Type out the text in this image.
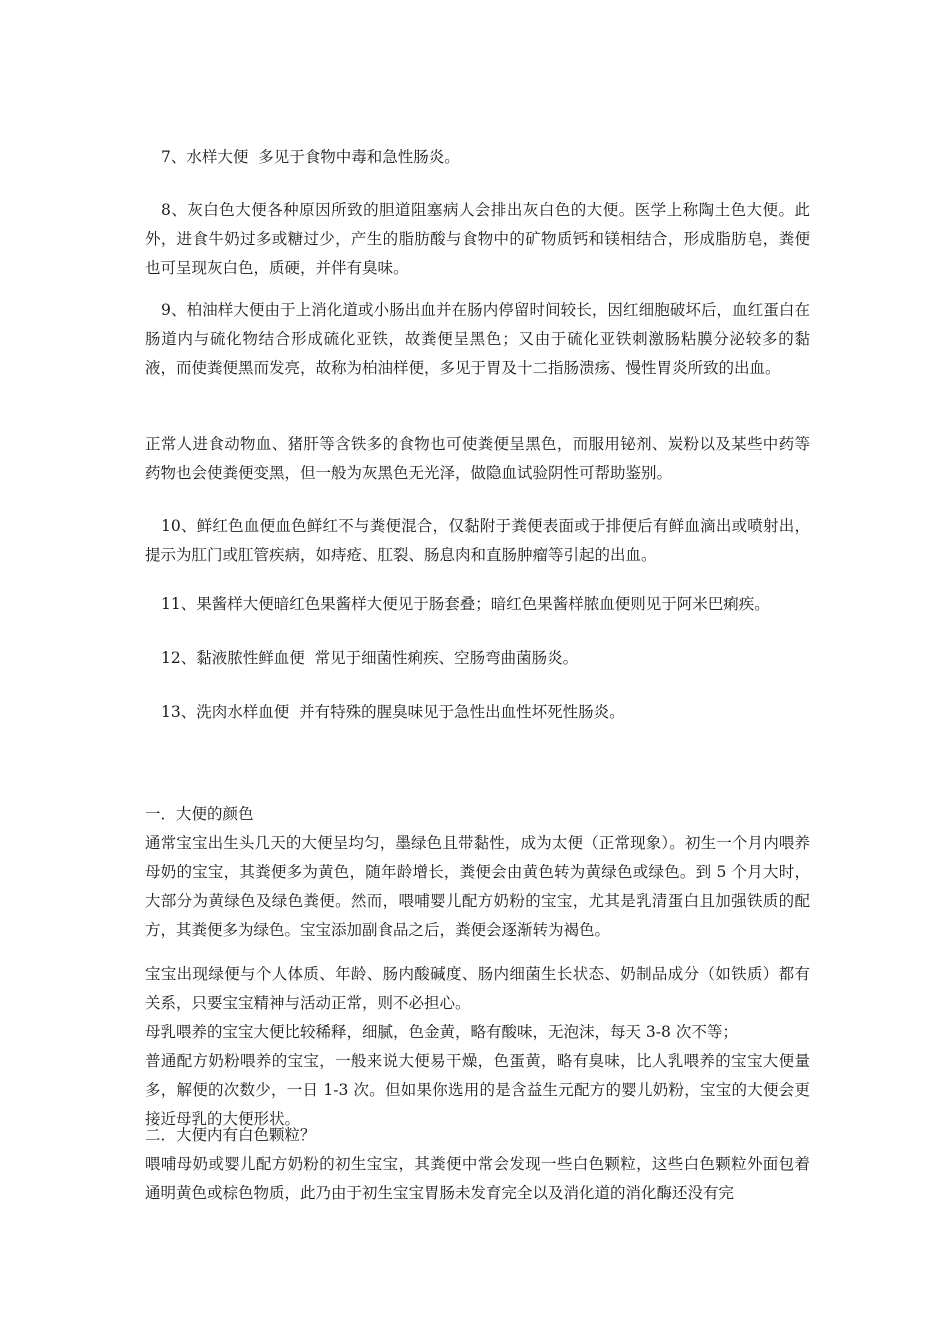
7、水样大便  多见于食物中毒和急性肠炎。

8、灰白色大便各种原因所致的胆道阻塞病人会排出灰白色的大便。医学上称陶土色大便。此外，进食牛奶过多或糖过少，产生的脂肪酸与食物中的矿物质钙和镁相结合，形成脂肪皂，粪便也可呈现灰白色，质硬，并伴有臭味。

9、柏油样大便由于上消化道或小肠出血并在肠内停留时间较长，因红细胞破坏后，血红蛋白在肠道内与硫化物结合形成硫化亚铁，故粪便呈黑色；又由于硫化亚铁刺激肠粘膜分泌较多的黏液，而使粪便黑而发亮，故称为柏油样便，多见于胃及十二指肠溃疡、慢性胃炎所致的出血。

正常人进食动物血、猪肝等含铁多的食物也可使粪便呈黑色，而服用铋剂、炭粉以及某些中药等药物也会使粪便变黑，但一般为灰黑色无光泽，做隐血试验阴性可帮助鉴别。

10、鲜红色血便血色鲜红不与粪便混合，仅黏附于粪便表面或于排便后有鲜血滴出或喷射出，提示为肛门或肛管疾病，如痔疮、肛裂、肠息肉和直肠肿瘤等引起的出血。

11、果酱样大便暗红色果酱样大便见于肠套叠；暗红色果酱样脓血便则见于阿米巴痢疾。

12、黏液脓性鲜血便  常见于细菌性痢疾、空肠弯曲菌肠炎。

13、洗肉水样血便  并有特殊的腥臭味见于急性出血性坏死性肠炎。

一．大便的颜色

通常宝宝出生头几天的大便呈均匀，墨绿色且带黏性，成为太便（正常现象）。初生一个月内喂养母奶的宝宝，其粪便多为黄色，随年龄增长，粪便会由黄色转为黄绿色或绿色。到 5 个月大时，大部分为黄绿色及绿色粪便。然而，喂哺婴儿配方奶粉的宝宝，尤其是乳清蛋白且加强铁质的配方，其粪便多为绿色。宝宝添加副食品之后，粪便会逐渐转为褐色。

宝宝出现绿便与个人体质、年龄、肠内酸碱度、肠内细菌生长状态、奶制品成分（如铁质）都有关系，只要宝宝精神与活动正常，则不必担心。

母乳喂养的宝宝大便比较稀释，细腻，色金黄，略有酸味，无泡沫，每天 3-8 次不等；

普通配方奶粉喂养的宝宝，一般来说大便易干燥，色蛋黄，略有臭味，比人乳喂养的宝宝大便量多，解便的次数少，一日 1-3 次。但如果你选用的是含益生元配方的婴儿奶粉，宝宝的大便会更接近母乳的大便形状。

二．大便内有白色颗粒？

喂哺母奶或婴儿配方奶粉的初生宝宝，其粪便中常会发现一些白色颗粒，这些白色颗粒外面包着通明黄色或棕色物质，此乃由于初生宝宝胃肠未发育完全以及消化道的消化酶还没有完
